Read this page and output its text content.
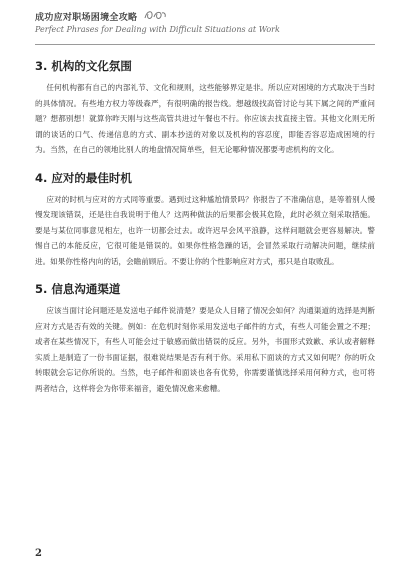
成功应对职场困境全攻略
Perfect Phrases for Dealing with Difficult Situations at Work
3. 机构的文化氛围

任何机构都有自己的内部礼节、文化和规则，这些能够界定是非。所以应对困境的方式取决于当时的具体情况。有些地方权力等级森严，有很明确的报告线。想越级找高管讨论与其下属之间的严重问题？想都别想！就算你昨天刚与这些高管共进过午餐也不行。你应该去找直接主管。其他文化则无所谓的谈话的口气、传递信息的方式、副本抄送的对象以及机构的容忍度，即能否容忍造成困境的行为。当然，在自己的领地比别人的地盘情况简单些，但无论哪种情况都要考虑机构的文化。

4. 应对的最佳时机

应对的时机与应对的方式同等重要。遇到过这种尴尬情景吗？你报告了不准确信息，是等着别人慢慢发现该错误，还是往自我说明于他人？这两种做法的后果都会极其危险，此时必须立刻采取措施。要是与某位同事意见相左，也许一切都会过去。或许迟早会风平浪静，这样问题就会更容易解决。警惕自己的本能反应，它很可能是错误的。如果你性格急躁的话，会冒然采取行动解决问题，继续前进。如果你性格内向的话，会瞻前顾后。不要让你的个性影响应对方式，那只是自取败乱。

5. 信息沟通渠道

应该当面讨论问题还是发送电子邮件说清楚？要是众人目睹了情况会如何？沟通渠道的选择是判断应对方式是否有效的关键。例如：在危机时刻你采用发送电子邮件的方式，有些人可能会置之不理；或者在某些情况下，有些人可能会过于敏感而做出错误的反应。另外，书面形式致歉、承认或者解释实质上是制造了一份书面证据，很难说结果是否有利于你。采用私下面谈的方式又如何呢？你的听众转眼就会忘记你所说的。当然，电子邮件和面谈也各有优势，你需要谨慎选择采用何种方式，也可将两者结合，这样将会为你带来福音，避免情况愈来愈糟。

2
